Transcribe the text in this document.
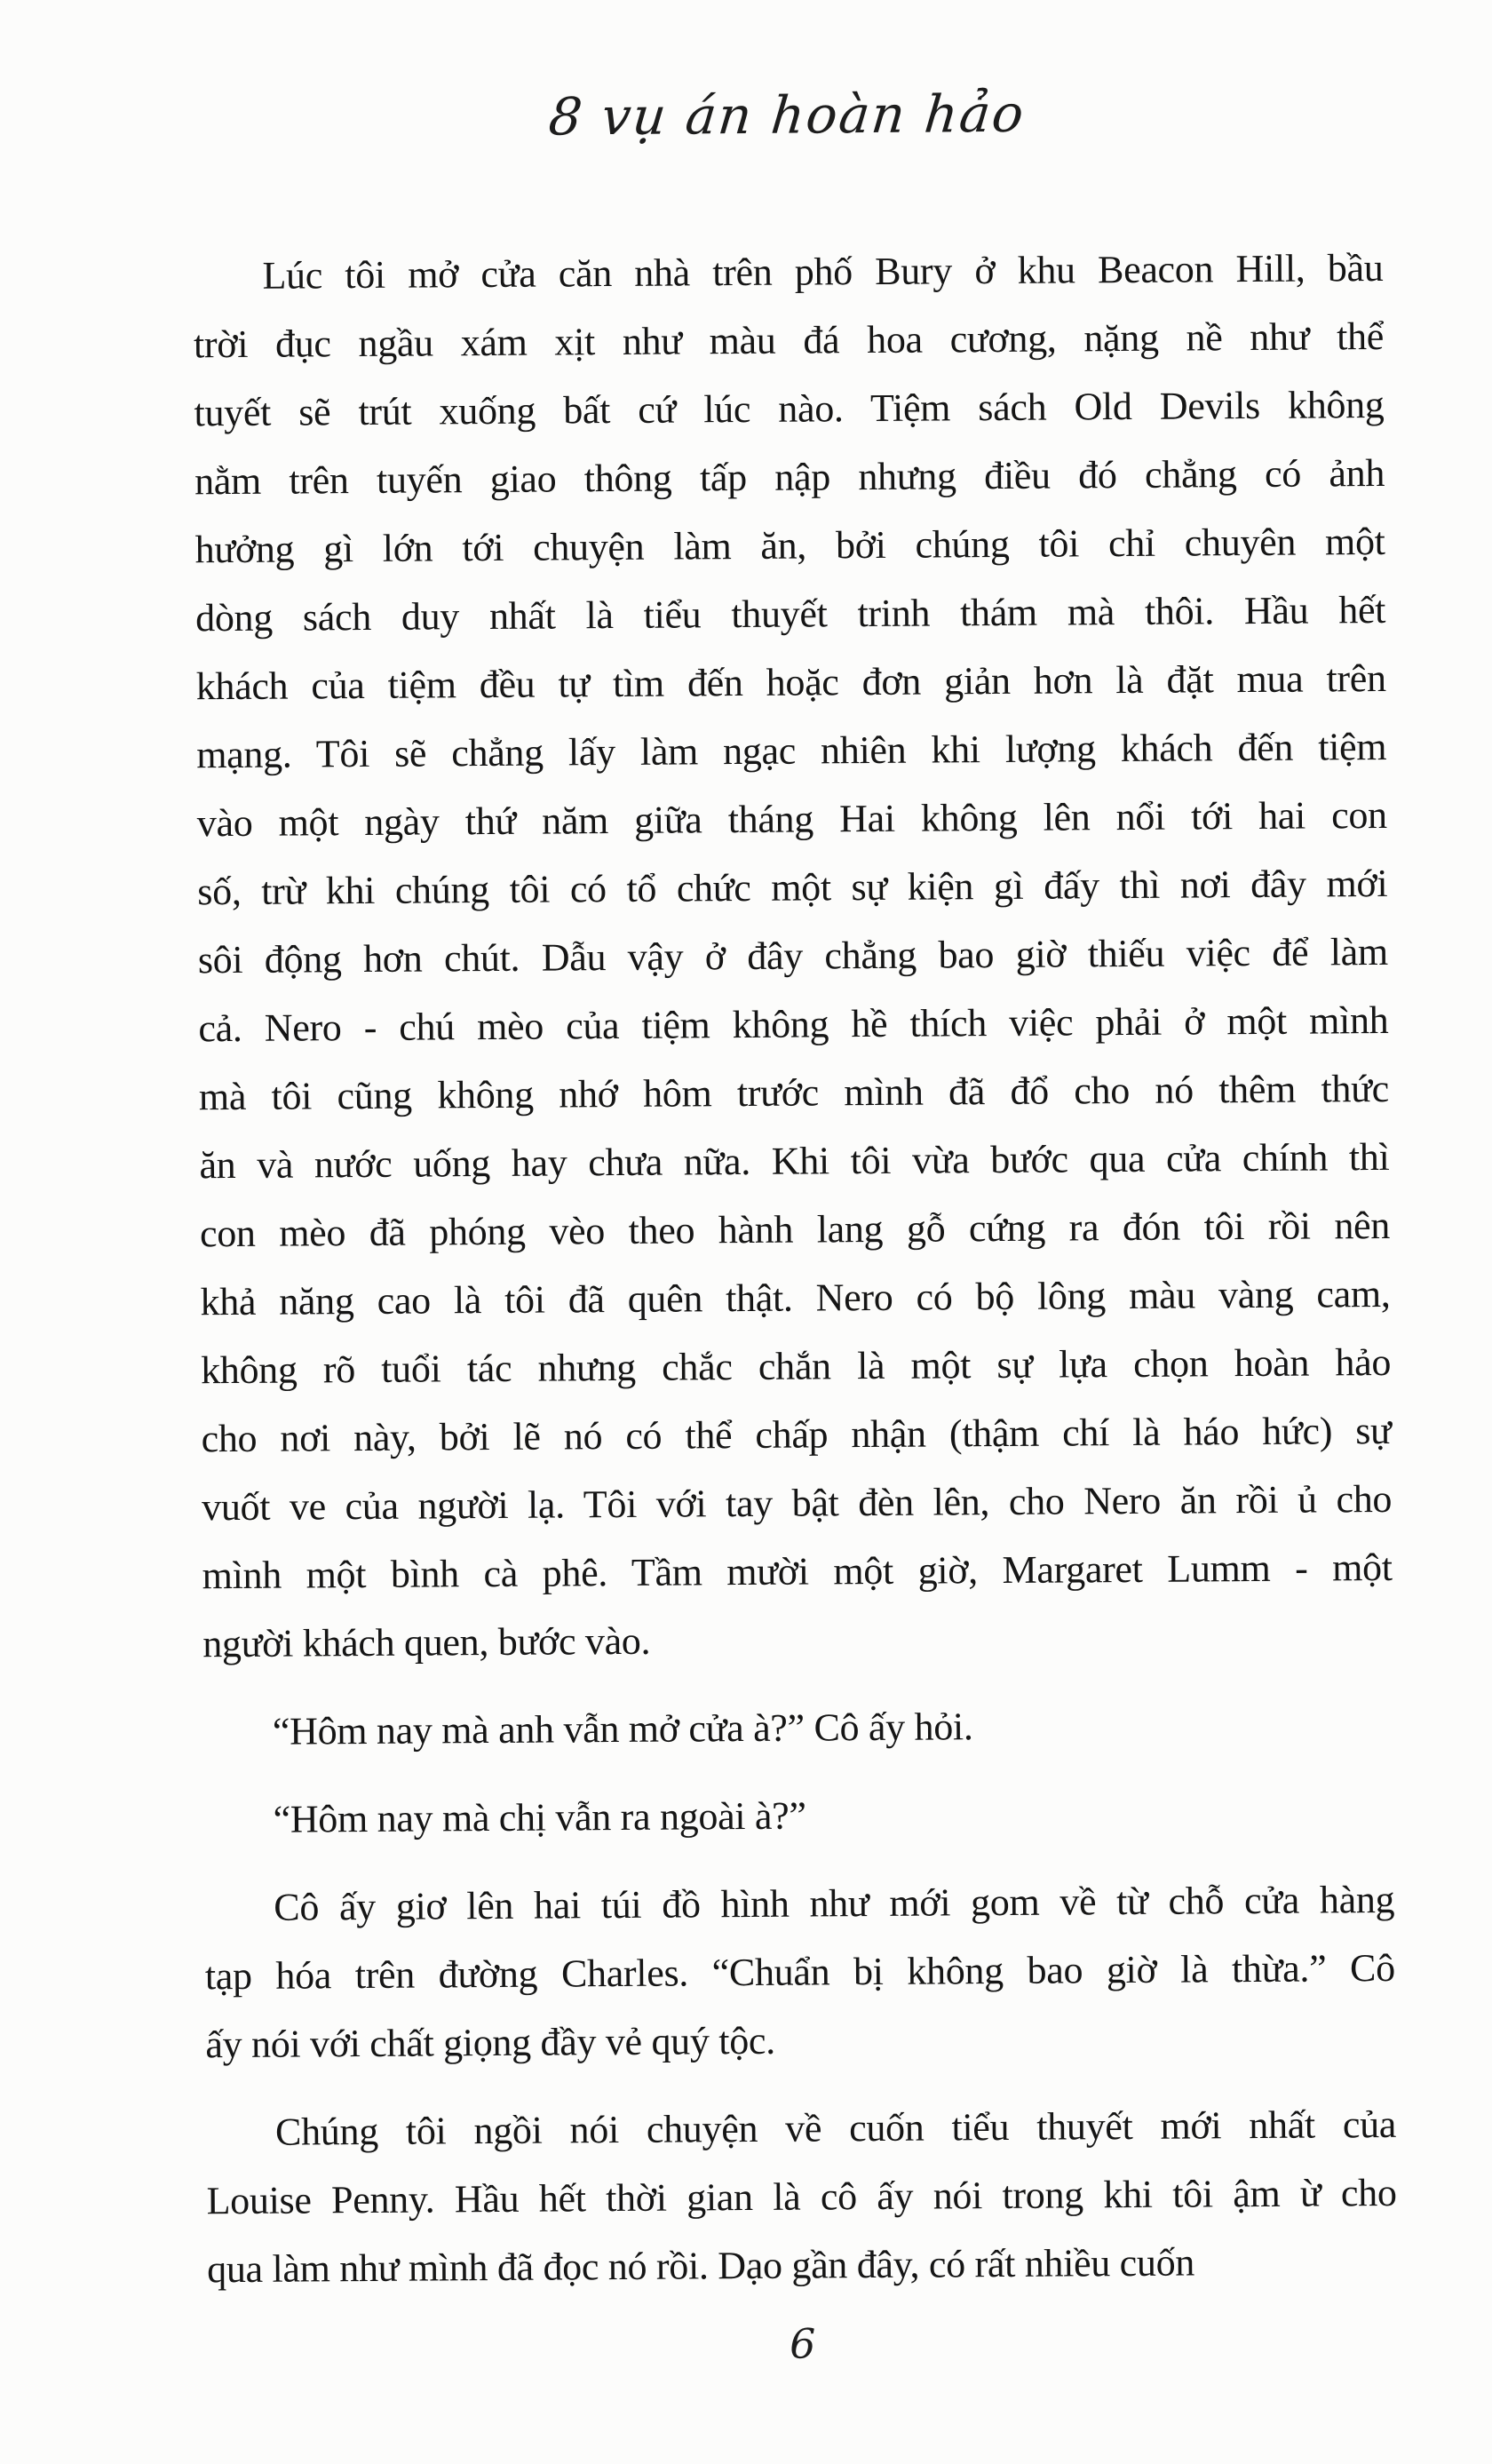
8 vụ án hoàn hảo
Lúc tôi mở cửa căn nhà trên phố Bury ở khu Beacon Hill, bầu
trời đục ngầu xám xịt như màu đá hoa cương, nặng nề như thể
tuyết sẽ trút xuống bất cứ lúc nào. Tiệm sách Old Devils không
nằm trên tuyến giao thông tấp nập nhưng điều đó chẳng có ảnh
hưởng gì lớn tới chuyện làm ăn, bởi chúng tôi chỉ chuyên một
dòng sách duy nhất là tiểu thuyết trinh thám mà thôi. Hầu hết
khách của tiệm đều tự tìm đến hoặc đơn giản hơn là đặt mua trên
mạng. Tôi sẽ chẳng lấy làm ngạc nhiên khi lượng khách đến tiệm
vào một ngày thứ năm giữa tháng Hai không lên nổi tới hai con
số, trừ khi chúng tôi có tổ chức một sự kiện gì đấy thì nơi đây mới
sôi động hơn chút. Dẫu vậy ở đây chẳng bao giờ thiếu việc để làm
cả. Nero - chú mèo của tiệm không hề thích việc phải ở một mình
mà tôi cũng không nhớ hôm trước mình đã đổ cho nó thêm thức
ăn và nước uống hay chưa nữa. Khi tôi vừa bước qua cửa chính thì
con mèo đã phóng vèo theo hành lang gỗ cứng ra đón tôi rồi nên
khả năng cao là tôi đã quên thật. Nero có bộ lông màu vàng cam,
không rõ tuổi tác nhưng chắc chắn là một sự lựa chọn hoàn hảo
cho nơi này, bởi lẽ nó có thể chấp nhận (thậm chí là háo hức) sự
vuốt ve của người lạ. Tôi với tay bật đèn lên, cho Nero ăn rồi ủ cho
mình một bình cà phê. Tầm mười một giờ, Margaret Lumm - một
người khách quen, bước vào.
“Hôm nay mà anh vẫn mở cửa à?” Cô ấy hỏi.
“Hôm nay mà chị vẫn ra ngoài à?”
Cô ấy giơ lên hai túi đồ hình như mới gom về từ chỗ cửa hàng
tạp hóa trên đường Charles. “Chuẩn bị không bao giờ là thừa.” Cô
ấy nói với chất giọng đầy vẻ quý tộc.
Chúng tôi ngồi nói chuyện về cuốn tiểu thuyết mới nhất của
Louise Penny. Hầu hết thời gian là cô ấy nói trong khi tôi ậm ừ cho
qua làm như mình đã đọc nó rồi. Dạo gần đây, có rất nhiều cuốn
6
